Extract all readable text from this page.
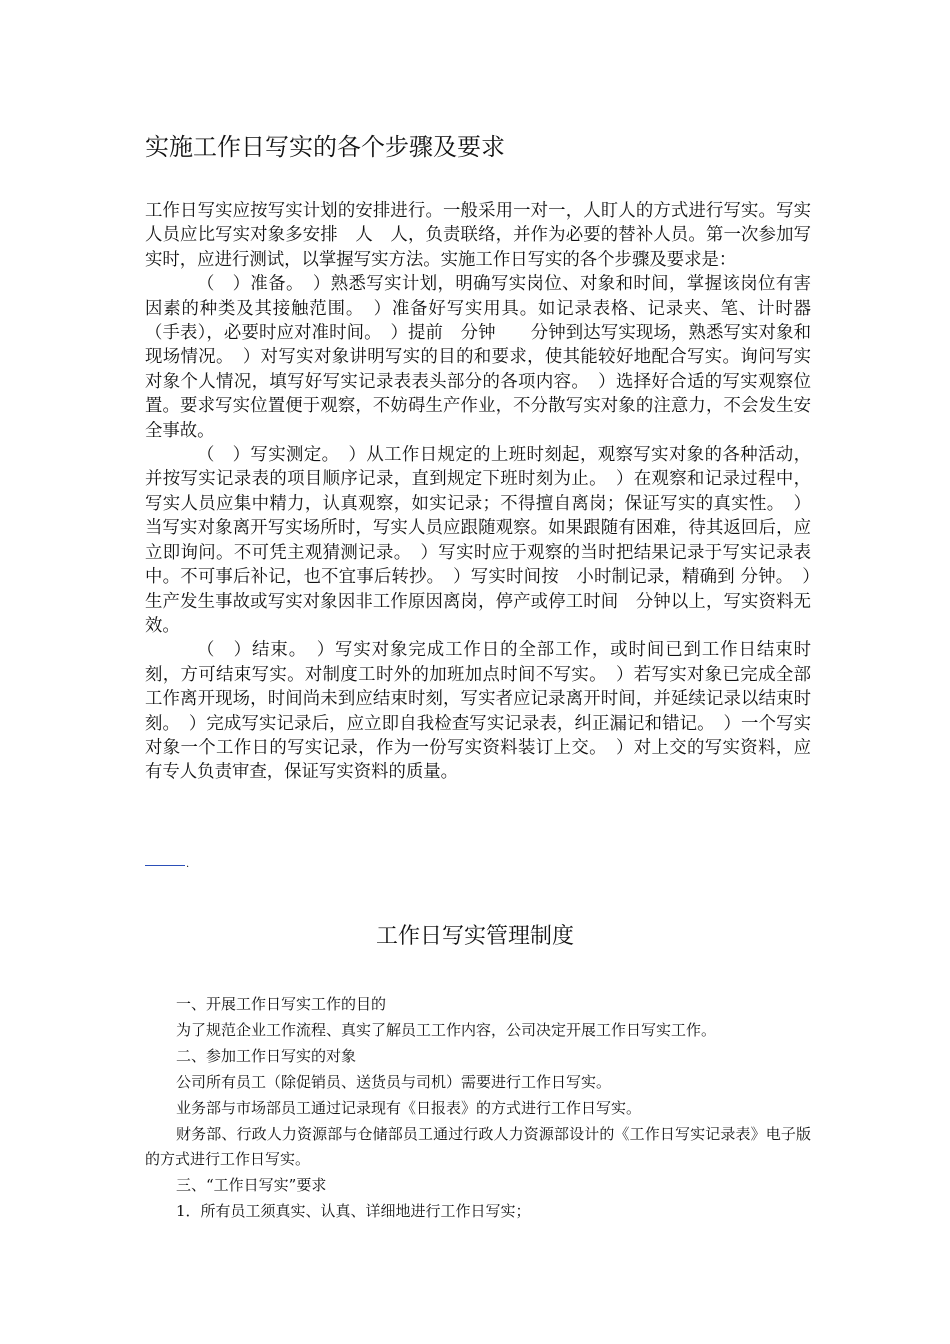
实施工作日写实的各个步骤及要求

工作日写实应按写实计划的安排进行。一般采用一对一，人盯人的方式进行写实。写实人员应比写实对象多安排　人　人，负责联络，并作为必要的替补人员。第一次参加写实时，应进行测试，以掌握写实方法。实施工作日写实的各个步骤及要求是：

（　）准备。　）熟悉写实计划，明确写实岗位、对象和时间，掌握该岗位有害因素的种类及其接触范围。　）准备好写实用具。如记录表格、记录夹、笔、计时器（手表），必要时应对准时间。　）提前　分钟　　分钟到达写实现场，熟悉写实对象和现场情况。　）对写实对象讲明写实的目的和要求，使其能较好地配合写实。询问写实对象个人情况，填写好写实记录表表头部分的各项内容。　）选择好合适的写实观察位置。要求写实位置便于观察，不妨碍生产作业，不分散写实对象的注意力，不会发生安全事故。

（　）写实测定。　）从工作日规定的上班时刻起，观察写实对象的各种活动，并按写实记录表的项目顺序记录，直到规定下班时刻为止。　）在观察和记录过程中，写实人员应集中精力，认真观察，如实记录；不得擅自离岗；保证写实的真实性。　）当写实对象离开写实场所时，写实人员应跟随观察。如果跟随有困难，待其返回后，应立即询问。不可凭主观猜测记录。　）写实时应于观察的当时把结果记录于写实记录表中。不可事后补记，也不宜事后转抄。　）写实时间按　小时制记录，精确到 分钟。　）生产发生事故或写实对象因非工作原因离岗，停产或停工时间　分钟以上，写实资料无效。

（　）结束。　）写实对象完成工作日的全部工作，或时间已到工作日结束时刻，方可结束写实。对制度工时外的加班加点时间不写实。　）若写实对象已完成全部工作离开现场，时间尚未到应结束时刻，写实者应记录离开时间，并延续记录以结束时刻。　）完成写实记录后，应立即自我检查写实记录表，纠正漏记和错记。　）一个写实对象一个工作日的写实记录，作为一份写实资料装订上交。　）对上交的写实资料，应有专人负责审查，保证写实资料的质量。

.
工作日写实管理制度

一、开展工作日写实工作的目的

为了规范企业工作流程、真实了解员工工作内容，公司决定开展工作日写实工作。

二、参加工作日写实的对象

公司所有员工（除促销员、送货员与司机）需要进行工作日写实。

业务部与市场部员工通过记录现有《日报表》的方式进行工作日写实。

财务部、行政人力资源部与仓储部员工通过行政人力资源部设计的《工作日写实记录表》电子版的方式进行工作日写实。

三、“工作日写实”要求

1．所有员工须真实、认真、详细地进行工作日写实；
